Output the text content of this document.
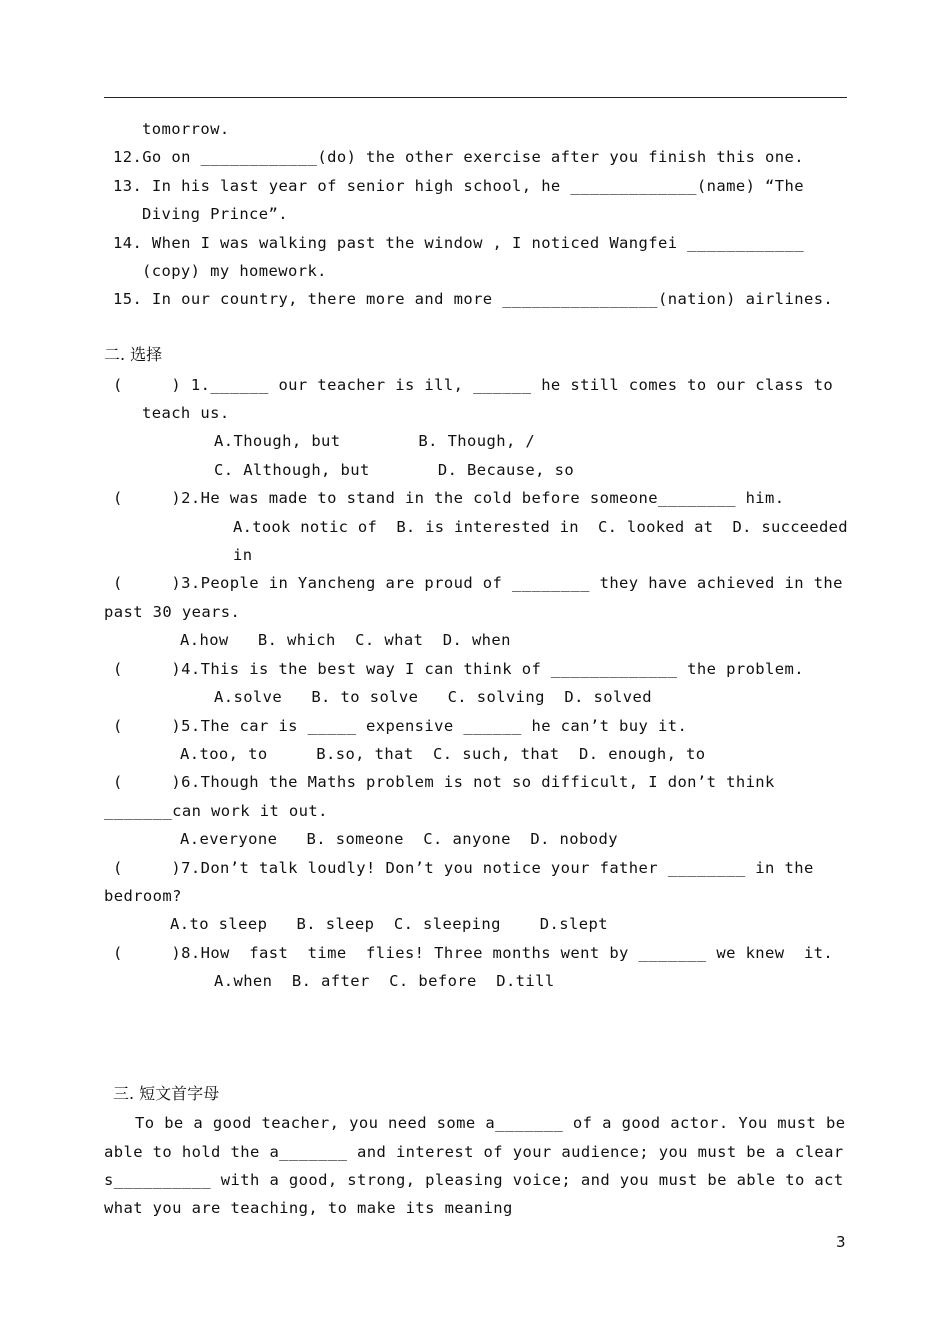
tomorrow.
12.Go on ____________(do) the other exercise after you finish this one.
13. In his last year of senior high school, he _____________(name) “The
Diving Prince”.
14. When I was walking past the window , I noticed Wangfei ____________
(copy) my homework.
15. In our country, there more and more ________________(nation) airlines.
二. 选择
(     ) 1.______ our teacher is ill, ______ he still comes to our class to
teach us.
A.Though, but        B. Though, /
C. Although, but       D. Because, so
(     )2.He was made to stand in the cold before someone________ him.
A.took notic of  B. is interested in  C. looked at  D. succeeded
in
(     )3.People in Yancheng are proud of ________ they have achieved in the
past 30 years.
A.how   B. which  C. what  D. when
(     )4.This is the best way I can think of _____________ the problem.
A.solve   B. to solve   C. solving  D. solved
(     )5.The car is _____ expensive ______ he can’t buy it.
A.too, to     B.so, that  C. such, that  D. enough, to
(     )6.Though the Maths problem is not so difficult, I don’t think
_______can work it out.
A.everyone   B. someone  C. anyone  D. nobody
(     )7.Don’t talk loudly! Don’t you notice your father ________ in the
bedroom?
A.to sleep   B. sleep  C. sleeping    D.slept
(     )8.How  fast  time  flies! Three months went by _______ we knew  it.
A.when  B. after  C. before  D.till
三. 短文首字母
To be a good teacher, you need some a_______ of a good actor. You must be
able to hold the a_______ and interest of your audience; you must be a clear
s__________ with a good, strong, pleasing voice; and you must be able to act
what you are teaching, to make its meaning
3
